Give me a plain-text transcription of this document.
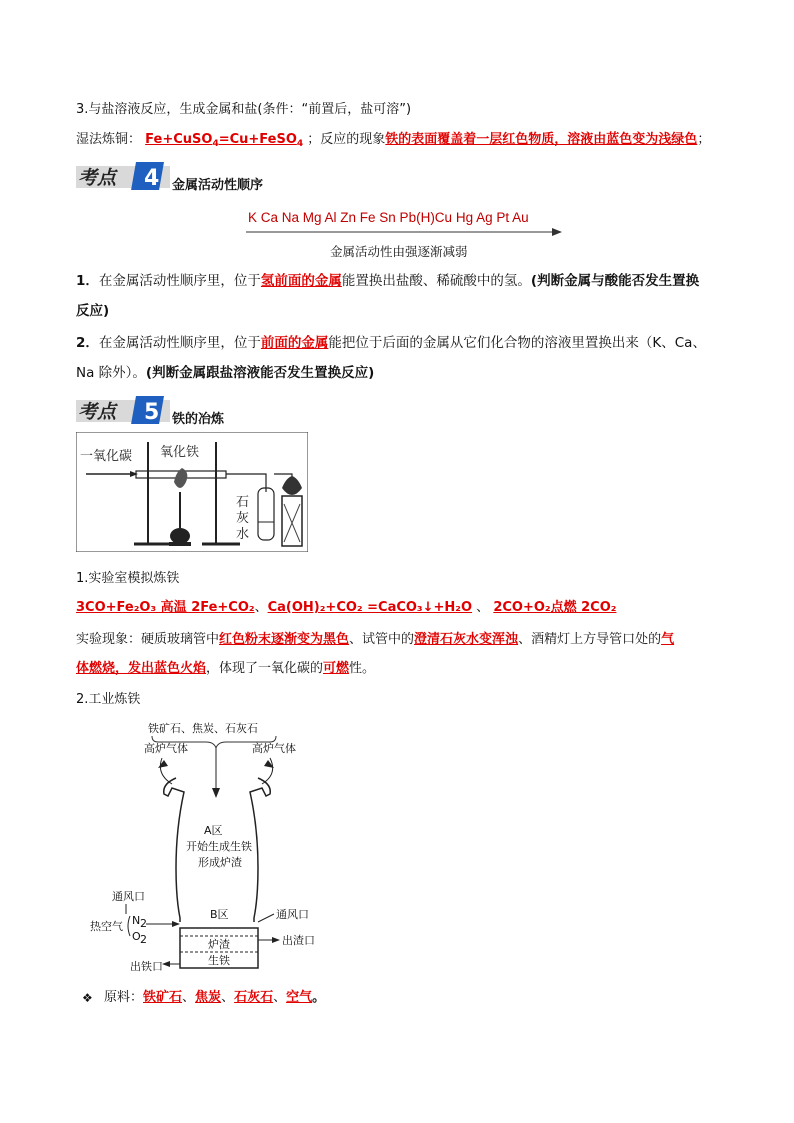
3.与盐溶液反应，生成金属和盐(条件：“前置后，盐可溶”)
湿法炼铜： Fe+CuSO$_4$=Cu+FeSO$_4$ ；反应的现象铁的表面覆盖着一层红色物质，溶液由蓝色变为浅绿色；
考点 4 金属活动性顺序
K Ca Na Mg Al Zn Fe Sn Pb(H)Cu Hg Ag Pt Au
金属活动性由强逐渐减弱
1．在金属活动性顺序里，位于氢前面的金属能置换出盐酸、稀硫酸中的氢。(判断金属与酸能否发生置换
反应)
2．在金属活动性顺序里，位于前面的金属能把位于后面的金属从它们化合物的溶液里置换出来（K、Ca、
Na 除外）。(判断金属跟盐溶液能否发生置换反应)
考点 5 铁的冶炼
一氧化碳 氧化铁
石
灰
水
1.实验室模拟炼铁
3CO+Fe₂O₃ 高温 2Fe+CO₂、Ca(OH)₂+CO₂ =CaCO₃↓+H₂O 、 2CO+O₂点燃 2CO₂
实验现象：硬质玻璃管中红色粉末逐渐变为黑色、试管中的澄清石灰水变浑浊、酒精灯上方导管口处的气
体燃烧，发出蓝色火焰，体现了一氧化碳的可燃性。
2.工业炼铁
铁矿石、焦炭、石灰石
高炉气体	高炉气体
A区
开始生成生铁
形成炉渣
B区
通风口
热空气 N 2
O 2
通风口
炉渣
生铁
出渣口
出铁口
❖ 原料：铁矿石、焦炭、石灰石、空气。
